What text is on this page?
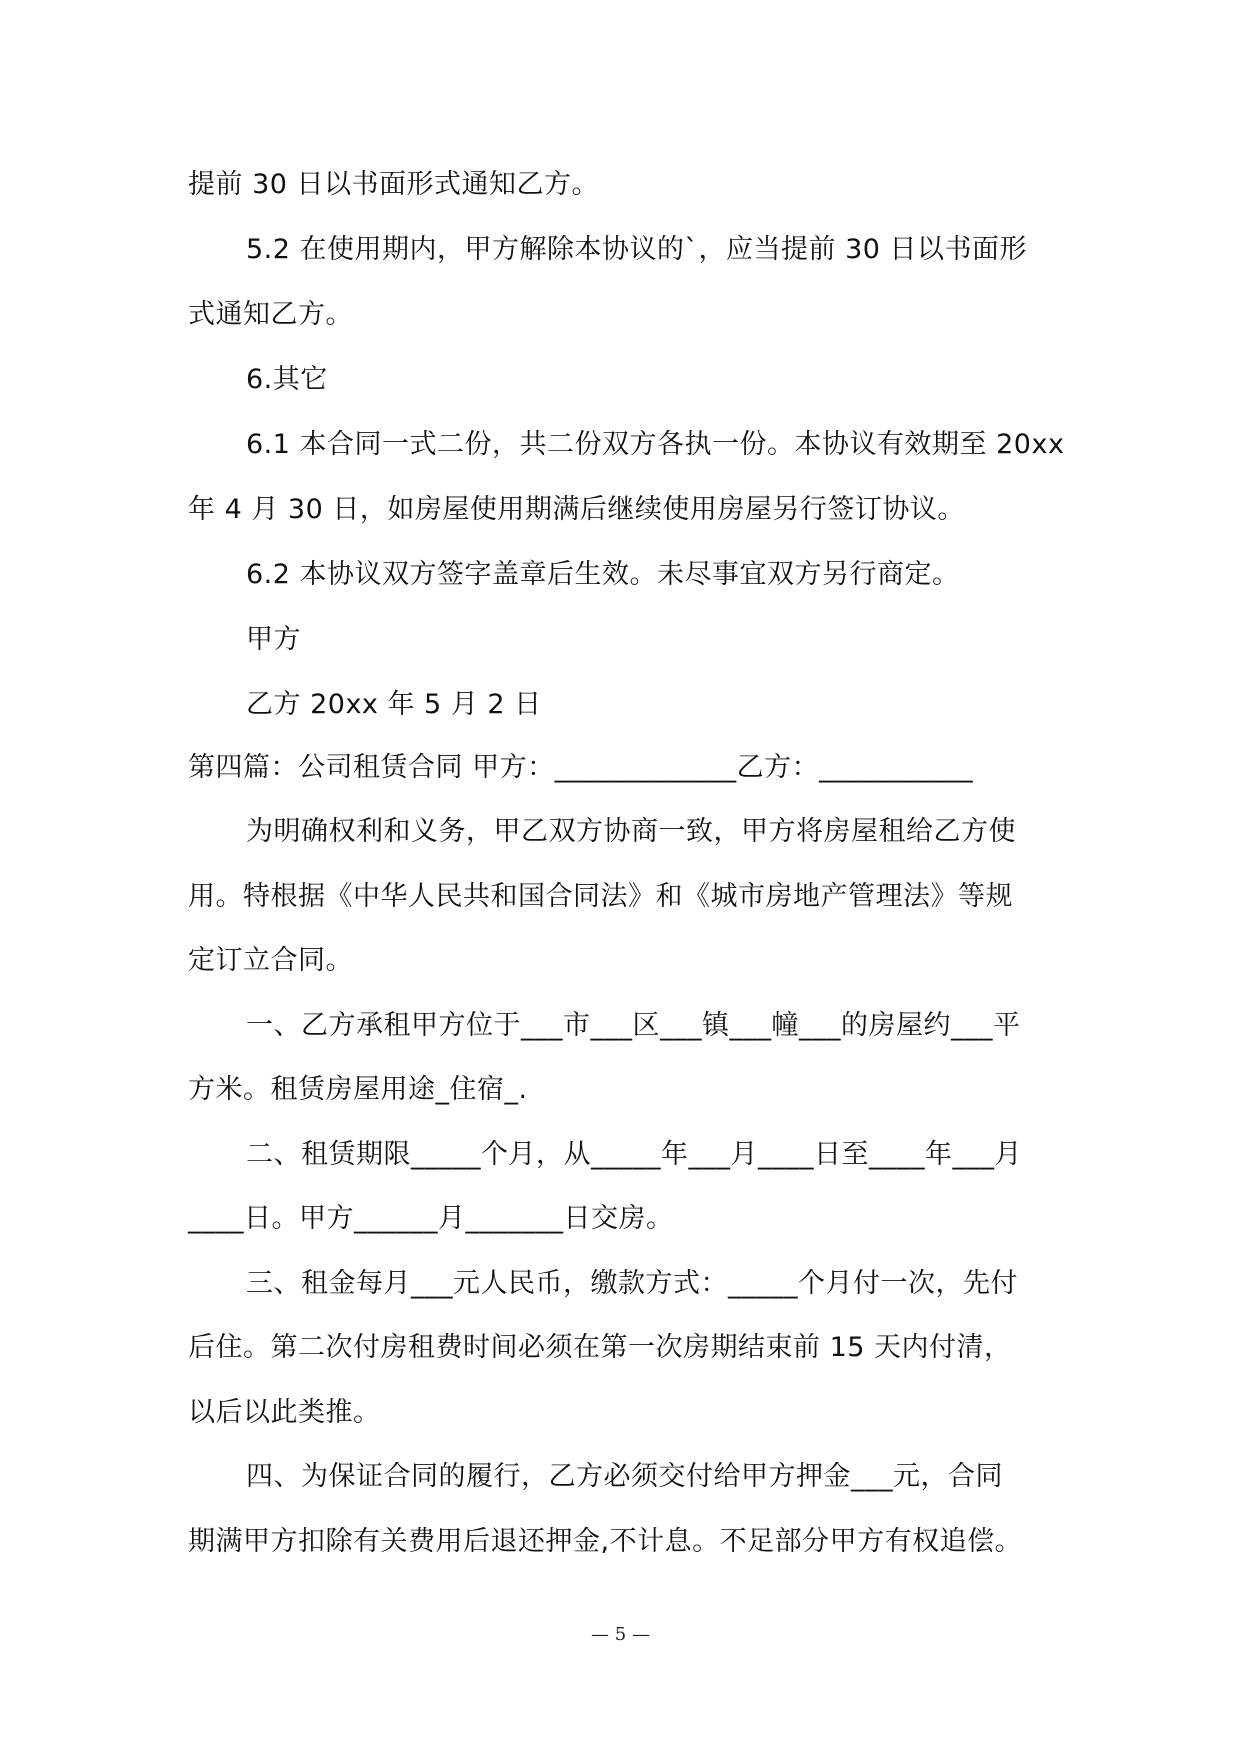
提前 30 日以书面形式通知乙方。
5.2 在使用期内，甲方解除本协议的`，应当提前 30 日以书面形
式通知乙方。
6.其它
6.1 本合同一式二份，共二份双方各执一份。本协议有效期至 20xx
年 4 月 30 日，如房屋使用期满后继续使用房屋另行签订协议。
6.2 本协议双方签字盖章后生效。未尽事宜双方另行商定。
甲方
乙方 20xx 年 5 月 2 日
第四篇：公司租赁合同 甲方：_____________乙方：___________
为明确权利和义务，甲乙双方协商一致，甲方将房屋租给乙方使
用。特根据《中华人民共和国合同法》和《城市房地产管理法》等规
定订立合同。
一、乙方承租甲方位于___市___区___镇___幢___的房屋约___平
方米。租赁房屋用途_住宿_.
二、租赁期限_____个月，从_____年___月____日至____年___月
____日。甲方______月_______日交房。
三、租金每月___元人民币，缴款方式：_____个月付一次，先付
后住。第二次付房租费时间必须在第一次房期结束前 15 天内付清，
以后以此类推。
四、为保证合同的履行，乙方必须交付给甲方押金___元，合同
期满甲方扣除有关费用后退还押金,不计息。不足部分甲方有权追偿。
— 5 —
